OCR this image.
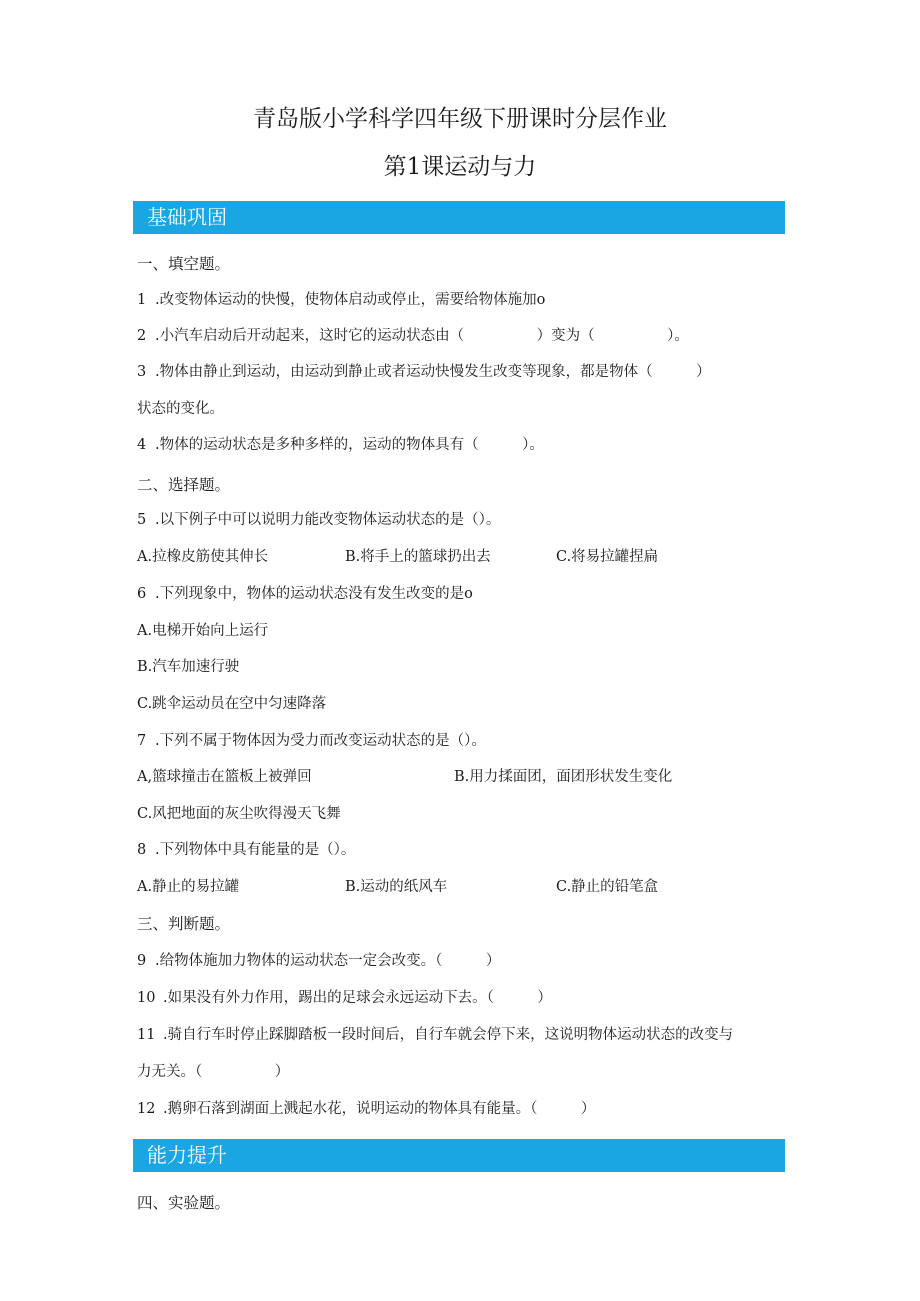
青岛版小学科学四年级下册课时分层作业
第1课运动与力
基础巩固
一、填空题。
1 .改变物体运动的快慢，使物体启动或停止，需要给物体施加o
2 .小汽车启动后开动起来，这时它的运动状态由（　　　　　）变为（　　　　　）。
3 .物体由静止到运动，由运动到静止或者运动快慢发生改变等现象，都是物体（　　　）
状态的变化。
4 .物体的运动状态是多种多样的，运动的物体具有（　　　）。
二、选择题。
5 .以下例子中可以说明力能改变物体运动状态的是（）。
A.拉橡皮筋使其伸长	B.将手上的篮球扔出去	C.将易拉罐捏扁
6 .下列现象中，物体的运动状态没有发生改变的是o
A.电梯开始向上运行
B.汽车加速行驶
C.跳伞运动员在空中匀速降落
7 .下列不属于物体因为受力而改变运动状态的是（）。
A,篮球撞击在篮板上被弹回	B.用力揉面团，面团形状发生变化
C.风把地面的灰尘吹得漫天飞舞
8 .下列物体中具有能量的是（）。
A.静止的易拉罐	B.运动的纸风车	C.静止的铅笔盒
三、判断题。
9 .给物体施加力物体的运动状态一定会改变。（　　　）
10 .如果没有外力作用，踢出的足球会永远运动下去。（　　　）
11 .骑自行车时停止踩脚踏板一段时间后，自行车就会停下来，这说明物体运动状态的改变与
力无关。（　　　　　）
12 .鹅卵石落到湖面上溅起水花，说明运动的物体具有能量。（　　　）
能力提升
四、实验题。
